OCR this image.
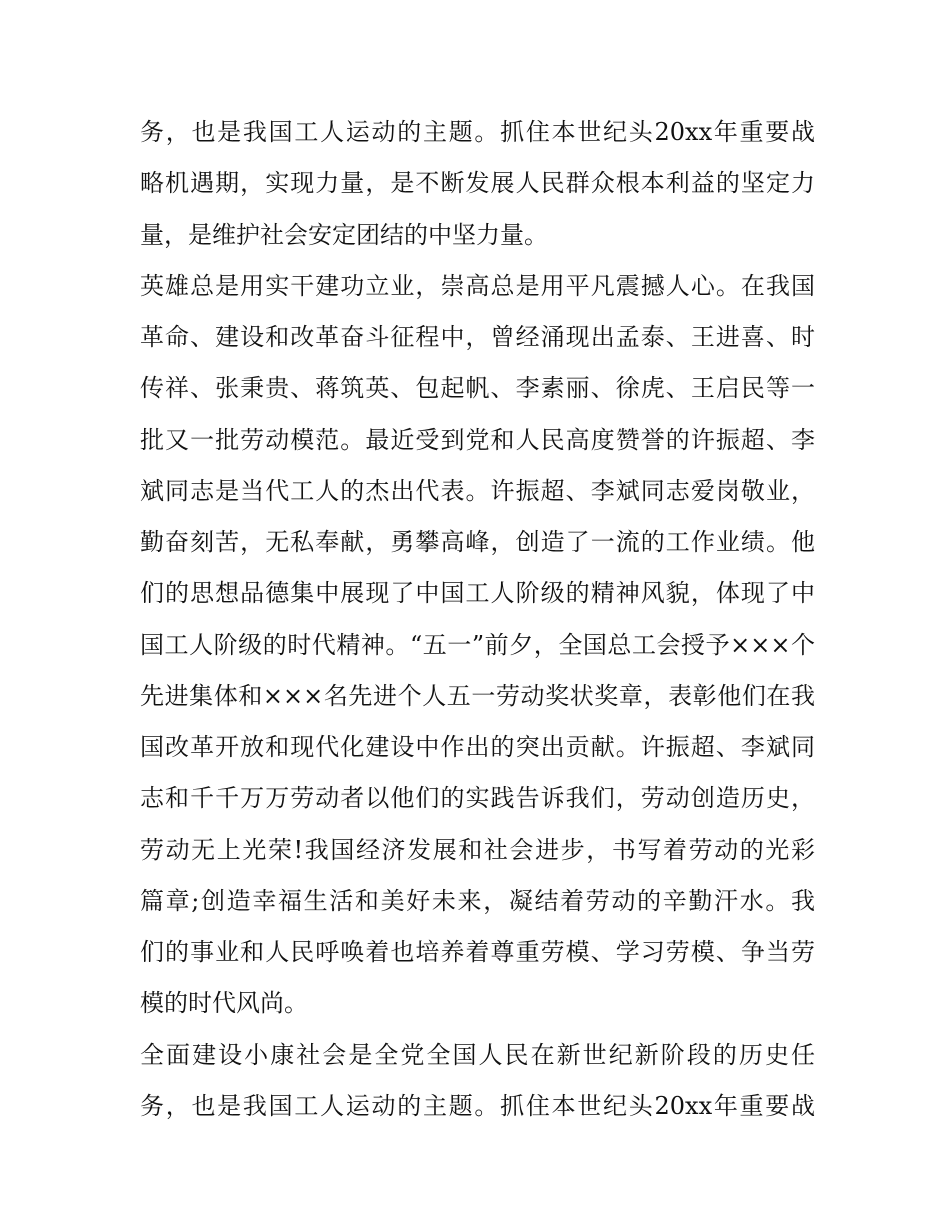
务，也是我国工人运动的主题。抓住本世纪头20xx年重要战
略机遇期，实现力量，是不断发展人民群众根本利益的坚定力
量，是维护社会安定团结的中坚力量。
英雄总是用实干建功立业，崇高总是用平凡震撼人心。在我国
革命、建设和改革奋斗征程中，曾经涌现出孟泰、王进喜、时
传祥、张秉贵、蒋筑英、包起帆、李素丽、徐虎、王启民等一
批又一批劳动模范。最近受到党和人民高度赞誉的许振超、李
斌同志是当代工人的杰出代表。许振超、李斌同志爱岗敬业，
勤奋刻苦，无私奉献，勇攀高峰，创造了一流的工作业绩。他
们的思想品德集中展现了中国工人阶级的精神风貌，体现了中
国工人阶级的时代精神。“五一”前夕，全国总工会授予×××个
先进集体和×××名先进个人五一劳动奖状奖章，表彰他们在我
国改革开放和现代化建设中作出的突出贡献。许振超、李斌同
志和千千万万劳动者以他们的实践告诉我们，劳动创造历史，
劳动无上光荣!我国经济发展和社会进步，书写着劳动的光彩
篇章;创造幸福生活和美好未来，凝结着劳动的辛勤汗水。我
们的事业和人民呼唤着也培养着尊重劳模、学习劳模、争当劳
模的时代风尚。
全面建设小康社会是全党全国人民在新世纪新阶段的历史任
务，也是我国工人运动的主题。抓住本世纪头20xx年重要战
